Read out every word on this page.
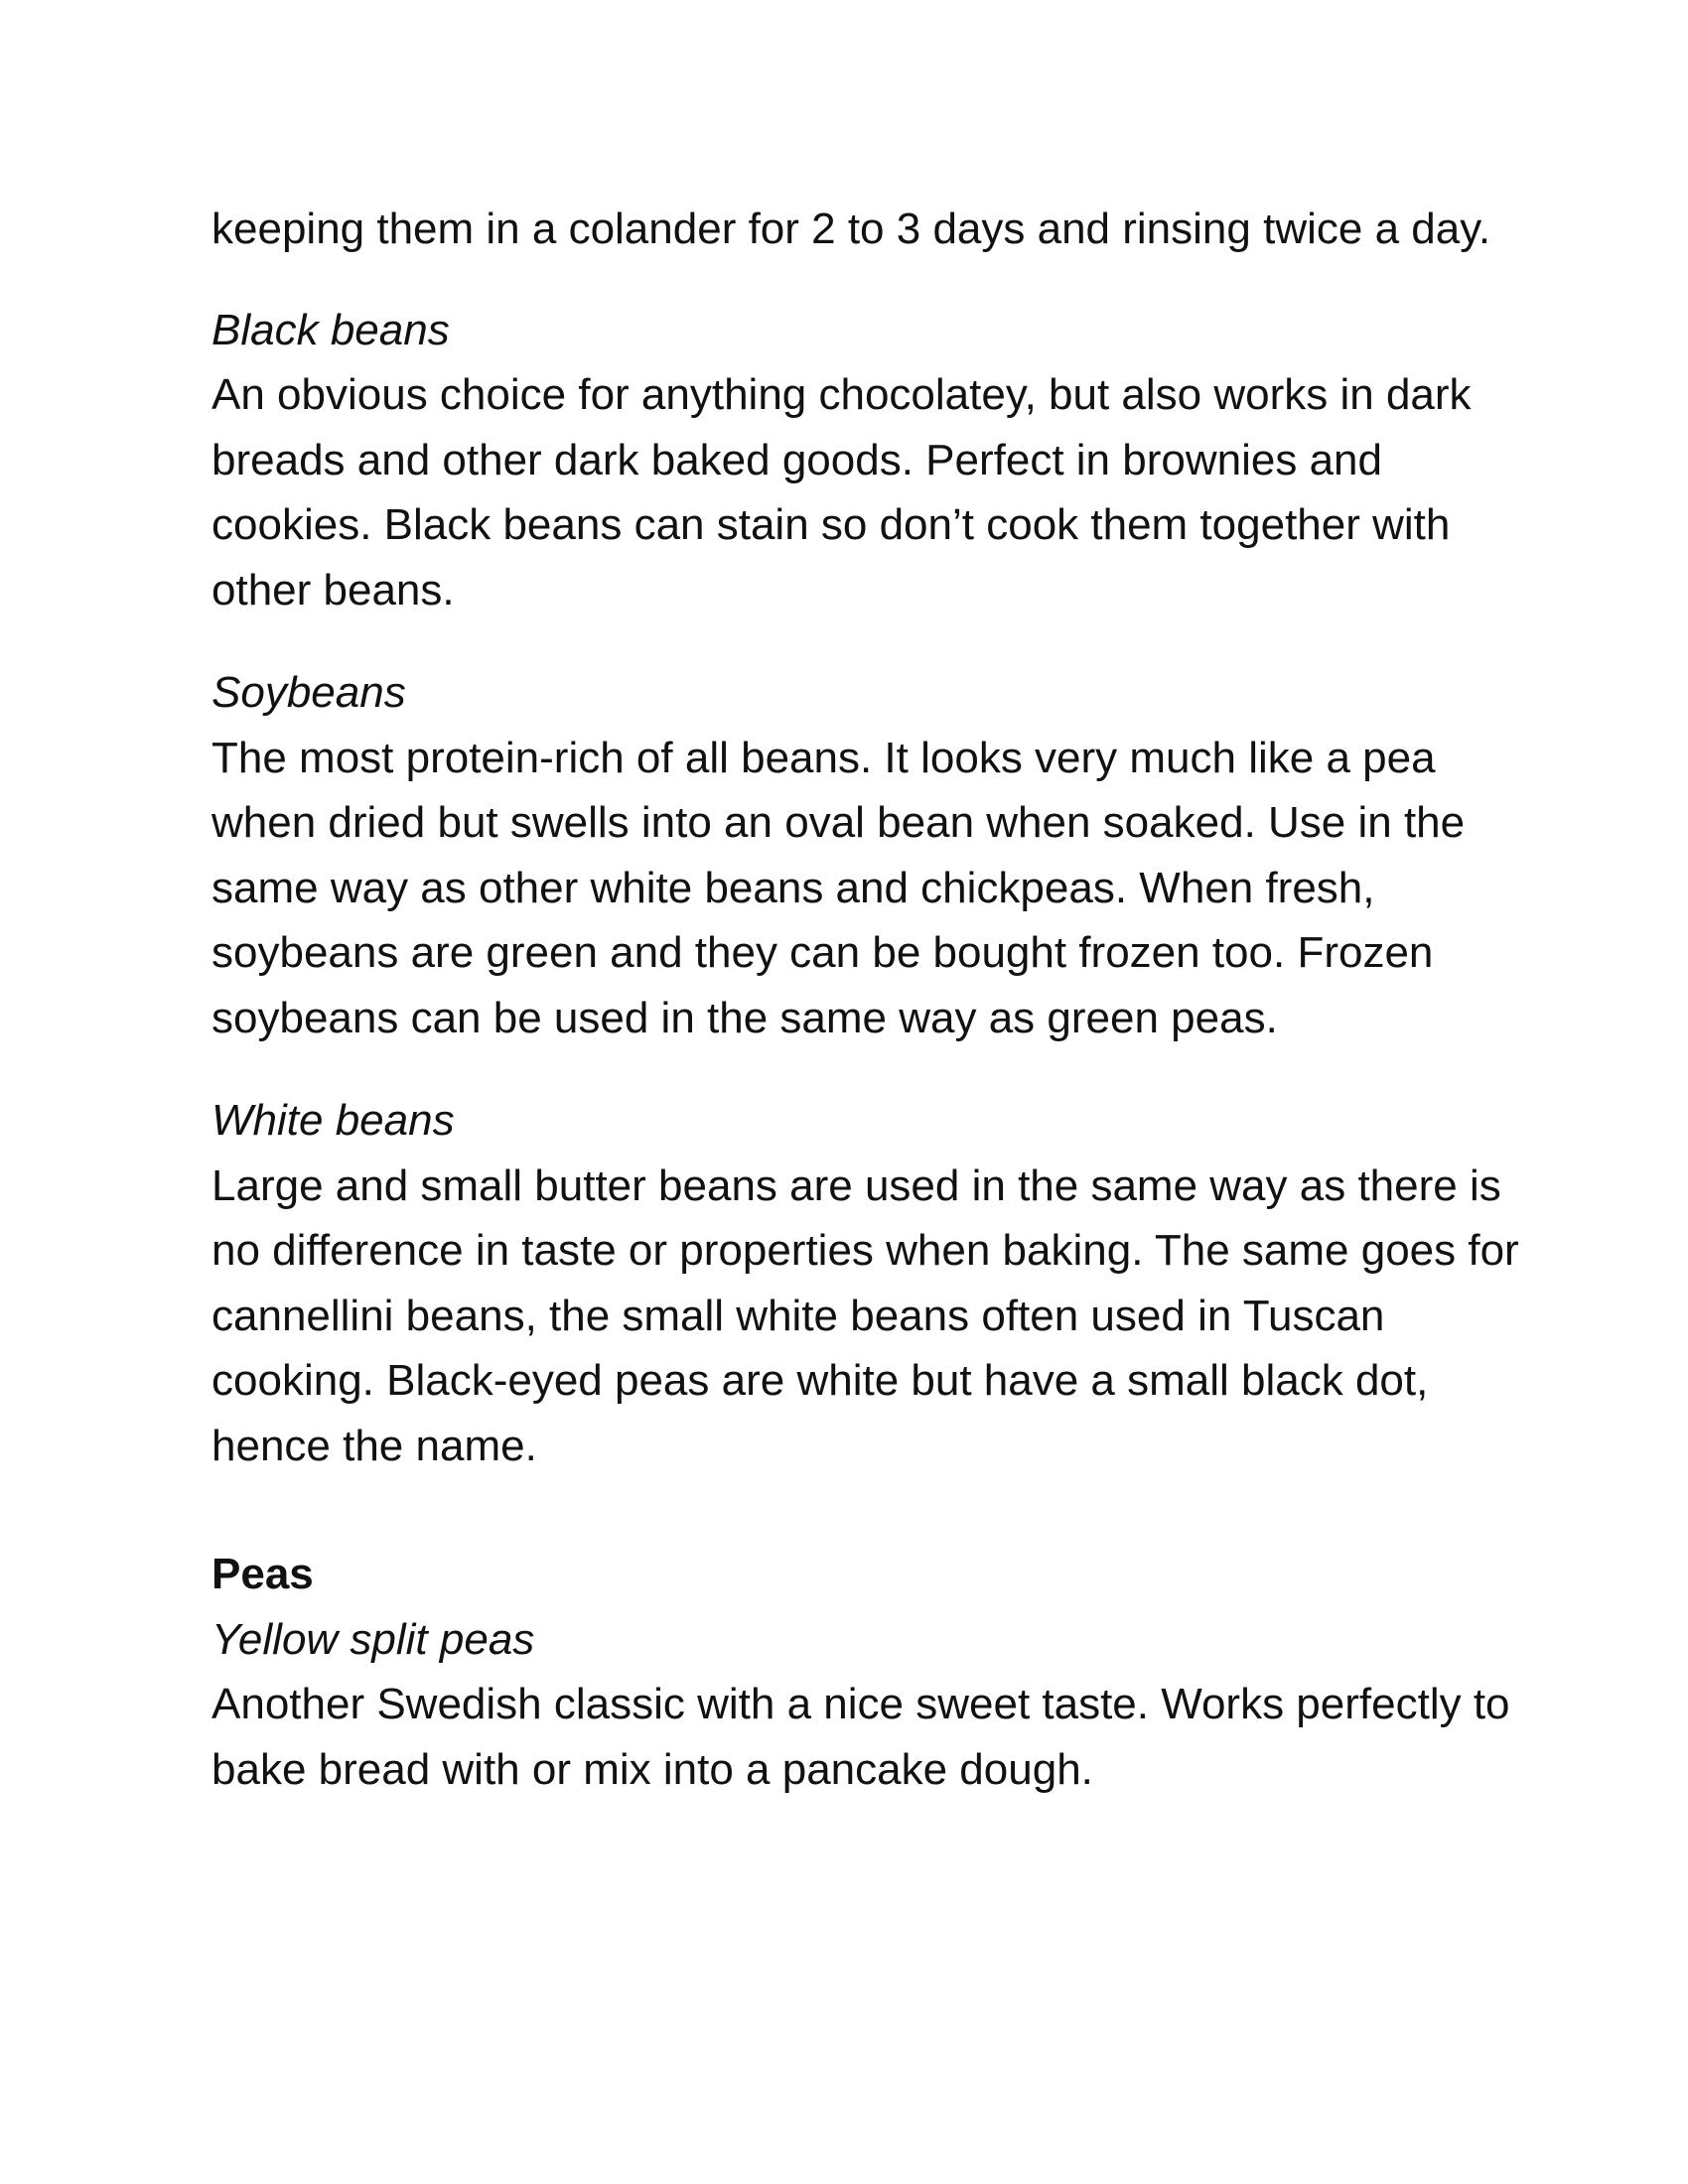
keeping them in a colander for 2 to 3 days and rinsing twice a day.

Black beans

An obvious choice for anything chocolatey, but also works in dark breads and other dark baked goods. Perfect in brownies and cookies. Black beans can stain so don’t cook them together with other beans.

Soybeans

The most protein-rich of all beans. It looks very much like a pea when dried but swells into an oval bean when soaked. Use in the same way as other white beans and chickpeas. When fresh, soybeans are green and they can be bought frozen too. Frozen soybeans can be used in the same way as green peas.

White beans

Large and small butter beans are used in the same way as there is no difference in taste or properties when baking. The same goes for cannellini beans, the small white beans often used in Tuscan cooking. Black-eyed peas are white but have a small black dot, hence the name.

Peas

Yellow split peas

Another Swedish classic with a nice sweet taste. Works perfectly to bake bread with or mix into a pancake dough.
